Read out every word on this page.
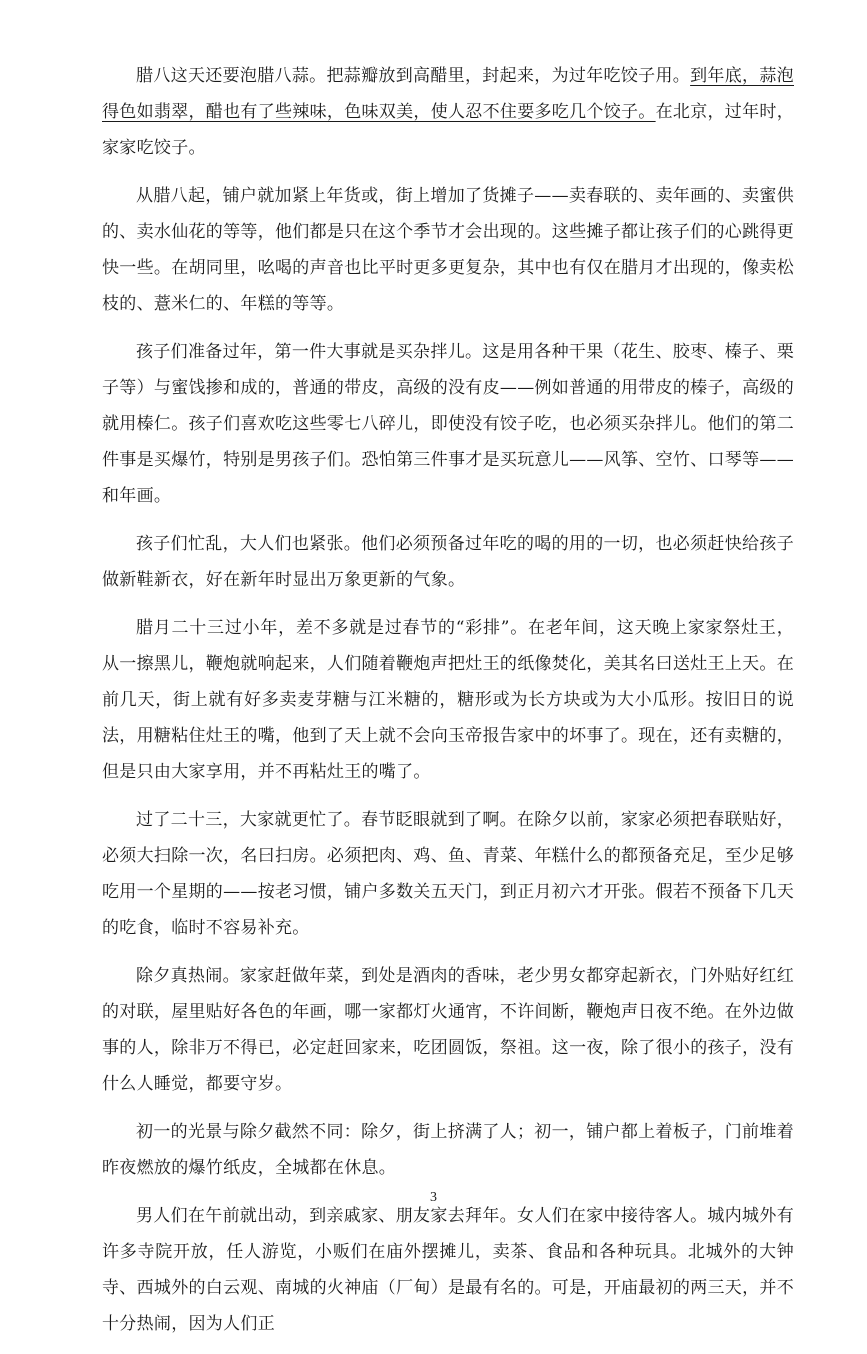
腊八这天还要泡腊八蒜。把蒜瓣放到高醋里，封起来，为过年吃饺子用。到年底，蒜泡得色如翡翠，醋也有了些辣味，色味双美，使人忍不住要多吃几个饺子。在北京，过年时，家家吃饺子。

从腊八起，铺户就加紧上年货或，街上增加了货摊子——卖春联的、卖年画的、卖蜜供的、卖水仙花的等等，他们都是只在这个季节才会出现的。这些摊子都让孩子们的心跳得更快一些。在胡同里，吆喝的声音也比平时更多更复杂，其中也有仅在腊月才出现的，像卖松枝的、薏米仁的、年糕的等等。

孩子们准备过年，第一件大事就是买杂拌儿。这是用各种干果（花生、胶枣、榛子、栗子等）与蜜饯掺和成的，普通的带皮，高级的没有皮——例如普通的用带皮的榛子，高级的就用榛仁。孩子们喜欢吃这些零七八碎儿，即使没有饺子吃，也必须买杂拌儿。他们的第二件事是买爆竹，特别是男孩子们。恐怕第三件事才是买玩意儿——风筝、空竹、口琴等——和年画。

孩子们忙乱，大人们也紧张。他们必须预备过年吃的喝的用的一切，也必须赶快给孩子做新鞋新衣，好在新年时显出万象更新的气象。

腊月二十三过小年，差不多就是过春节的“彩排”。在老年间，这天晚上家家祭灶王，从一擦黑儿，鞭炮就响起来，人们随着鞭炮声把灶王的纸像焚化，美其名曰送灶王上天。在前几天，街上就有好多卖麦芽糖与江米糖的，糖形或为长方块或为大小瓜形。按旧日的说法，用糖粘住灶王的嘴，他到了天上就不会向玉帝报告家中的坏事了。现在，还有卖糖的，但是只由大家享用，并不再粘灶王的嘴了。

过了二十三，大家就更忙了。春节眨眼就到了啊。在除夕以前，家家必须把春联贴好，必须大扫除一次，名曰扫房。必须把肉、鸡、鱼、青菜、年糕什么的都预备充足，至少足够吃用一个星期的——按老习惯，铺户多数关五天门，到正月初六才开张。假若不预备下几天的吃食，临时不容易补充。

除夕真热闹。家家赶做年菜，到处是酒肉的香味，老少男女都穿起新衣，门外贴好红红的对联，屋里贴好各色的年画，哪一家都灯火通宵，不许间断，鞭炮声日夜不绝。在外边做事的人，除非万不得已，必定赶回家来，吃团圆饭，祭祖。这一夜，除了很小的孩子，没有什么人睡觉，都要守岁。

初一的光景与除夕截然不同：除夕，街上挤满了人；初一，铺户都上着板子，门前堆着昨夜燃放的爆竹纸皮，全城都在休息。

男人们在午前就出动，到亲戚家、朋友家去拜年。女人们在家中接待客人。城内城外有许多寺院开放，任人游览，小贩们在庙外摆摊儿，卖茶、食品和各种玩具。北城外的大钟寺、西城外的白云观、南城的火神庙（厂甸）是最有名的。可是，开庙最初的两三天，并不十分热闹，因为人们正

3
